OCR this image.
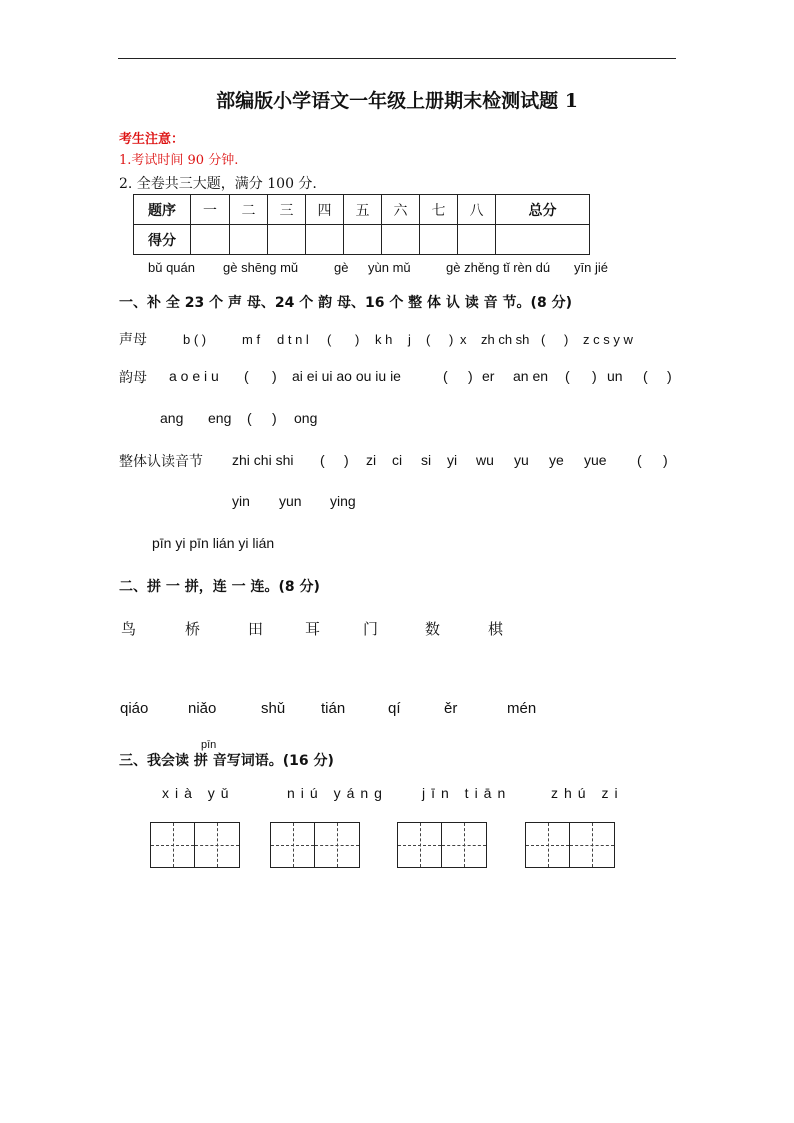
部编版小学语文一年级上册期末检测试题 1
考生注意：
1.考试时间 90 分钟.
2. 全卷共三大题，满分 100 分.
题序	一	二	三	四	五	六	七	八	总分
得分									
bǔ quán gè shēng mǔ	gè yùn mǔ	gè zhěng tǐ rèn dú yīn jié
一、补 全 23 个 声 母、24 个 韵 母、16 个 整 体 认 读 音 节。(8 分)
声母	b ( )	m f d t n l ( ) k h j ( ) x zh ch sh ( ) z c s y w
韵母 a o e i u ( ) ai ei ui ao ou iu ie	( ) er an en ( ) un ( )
ang eng ( ) ong
整体认读音节 zhi chi shi ( ) zi ci si yi wu yu ye yue ( )
yin yun ying
pīn yi pīn lián yi lián
二、拼 一 拼，连 一 连。(8 分)
鸟	桥	田	耳	门	数	棋
qiáo	niǎo	shǔ tián	qí	ěr	mén
pīn
三、我会读 拼 音写词语。(16 分)
xià yǔ	niú yáng jīn tiān	zhú zi
